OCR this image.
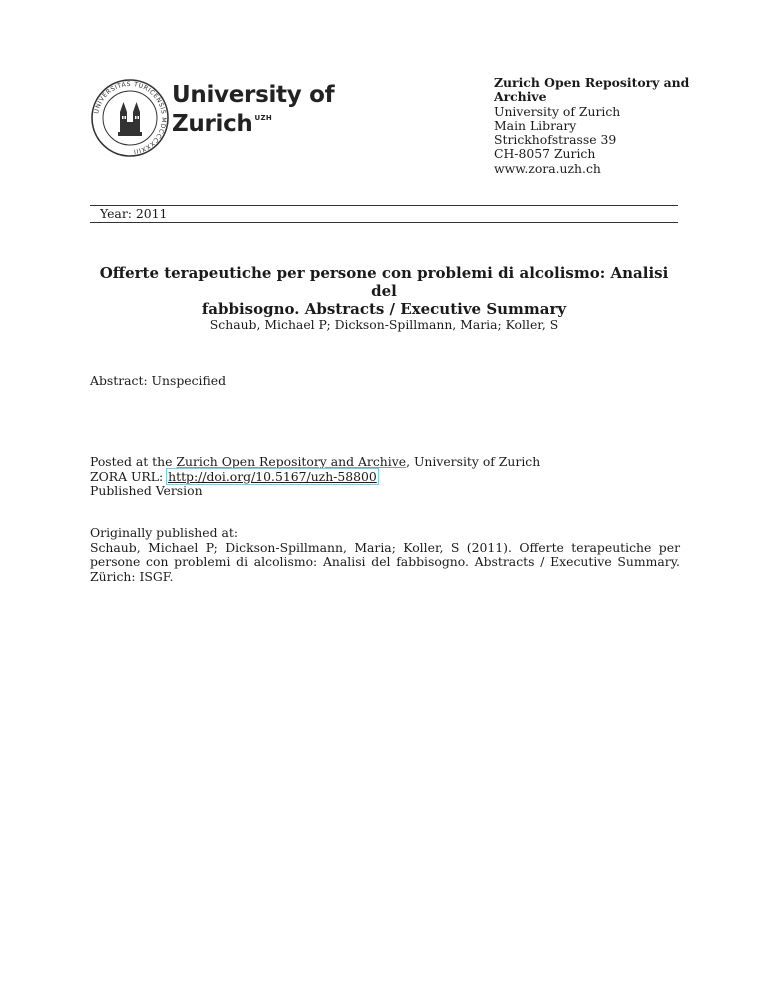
UNIVERSITAS TURICENSIS MDCCCXXXIII
University of
Zurich $^{UZH}$
Zurich Open Repository and
Archive
University of Zurich
Main Library
Strickhofstrasse 39
CH-8057 Zurich
www.zora.uzh.ch
Year: 2011
Offerte terapeutiche per persone con problemi di alcolismo: Analisi del
fabbisogno. Abstracts / Executive Summary
Schaub, Michael P; Dickson-Spillmann, Maria; Koller, S
Abstract: Unspecified
Posted at the Zurich Open Repository and Archive, University of Zurich
ZORA URL: http://doi.org/10.5167/uzh-58800
Published Version
Originally published at:
Schaub, Michael P; Dickson-Spillmann, Maria; Koller, S (2011). Offerte terapeutiche per persone con problemi di alcolismo: Analisi del fabbisogno. Abstracts / Executive Summary. Zürich: ISGF.
